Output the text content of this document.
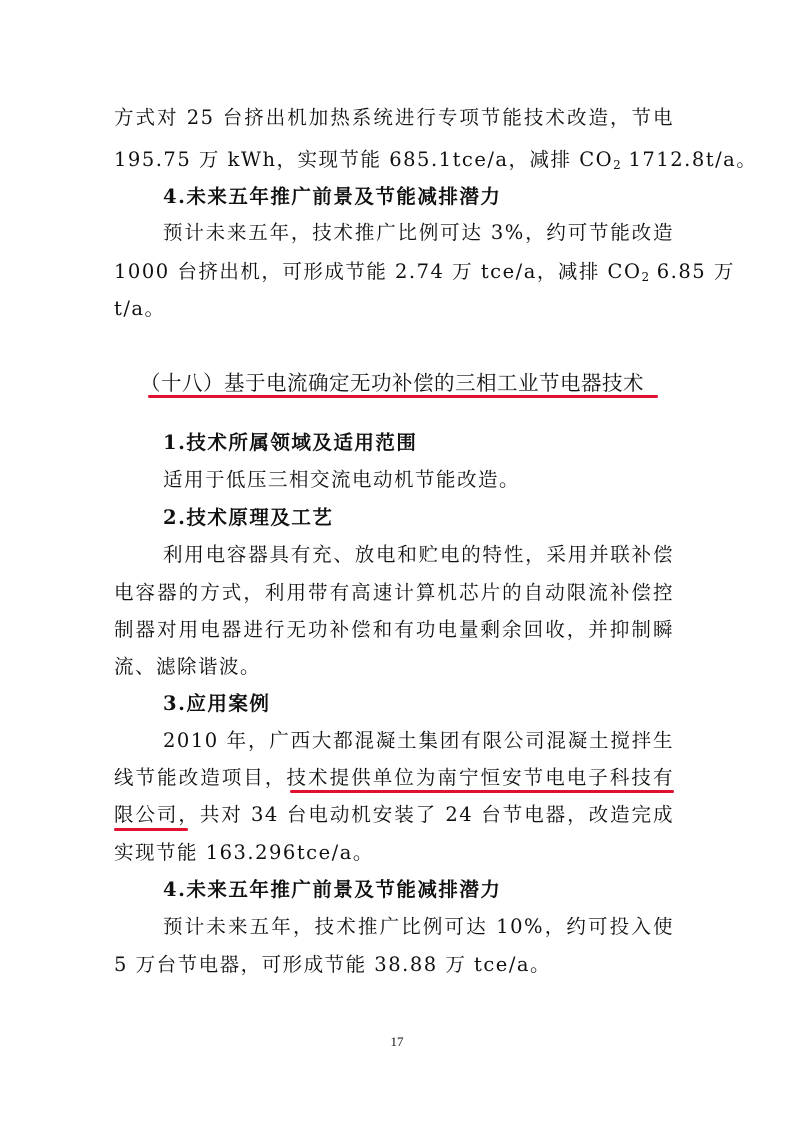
方式对 25 台挤出机加热系统进行专项节能技术改造，节电
195.75 万 kWh，实现节能 685.1tce/a，减排 $CO_2$ 1712.8t/a。
4.未来五年推广前景及节能减排潜力
预计未来五年，技术推广比例可达 3%，约可节能改造
1000 台挤出机，可形成节能 2.74 万 tce/a，减排 $CO_2$ 6.85 万
t/a。
（十八）基于电流确定无功补偿的三相工业节电器技术
1.技术所属领域及适用范围
适用于低压三相交流电动机节能改造。
2.技术原理及工艺
利用电容器具有充、放电和贮电的特性，采用并联补偿
电容器的方式，利用带有高速计算机芯片的自动限流补偿控
制器对用电器进行无功补偿和有功电量剩余回收，并抑制瞬
流、滤除谐波。
3.应用案例
2010 年，广西大都混凝土集团有限公司混凝土搅拌生
线节能改造项目，技术提供单位为南宁恒安节电电子科技有
限公司，共对 34 台电动机安装了 24 台节电器，改造完成
实现节能 163.296tce/a。
4.未来五年推广前景及节能减排潜力
预计未来五年，技术推广比例可达 10%，约可投入使
5 万台节电器，可形成节能 38.88 万 tce/a。
17
